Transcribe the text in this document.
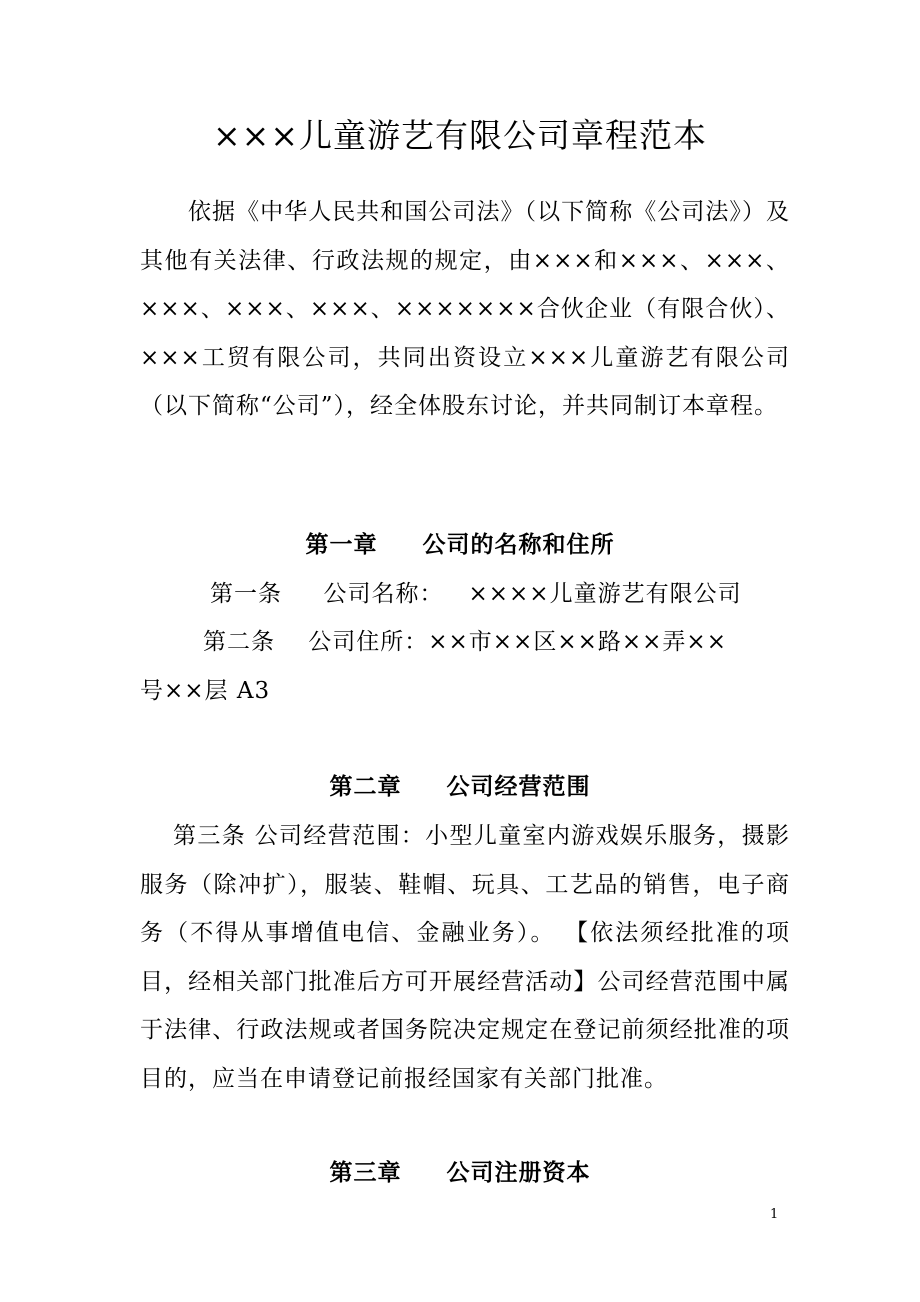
×××儿童游艺有限公司章程范本
依据《中华人民共和国公司法》（以下简称《公司法》）及其他有关法律、行政法规的规定，由×××和×××、×××、×××、×××、×××、×××××××合伙企业（有限合伙）、×××工贸有限公司，共同出资设立×××儿童游艺有限公司（以下简称“公司”），经全体股东讨论，并共同制订本章程。
第一章     公司的名称和住所
第一条     公司名称：   ××××儿童游艺有限公司
第二条    公司住所：××市××区××路××弄××
号××层 A3
第二章     公司经营范围
第三条 公司经营范围：小型儿童室内游戏娱乐服务，摄影服务（除冲扩），服装、鞋帽、玩具、工艺品的销售，电子商务（不得从事增值电信、金融业务）。 【依法须经批准的项目，经相关部门批准后方可开展经营活动】公司经营范围中属于法律、行政法规或者国务院决定规定在登记前须经批准的项目的，应当在申请登记前报经国家有关部门批准。
第三章     公司注册资本
1
